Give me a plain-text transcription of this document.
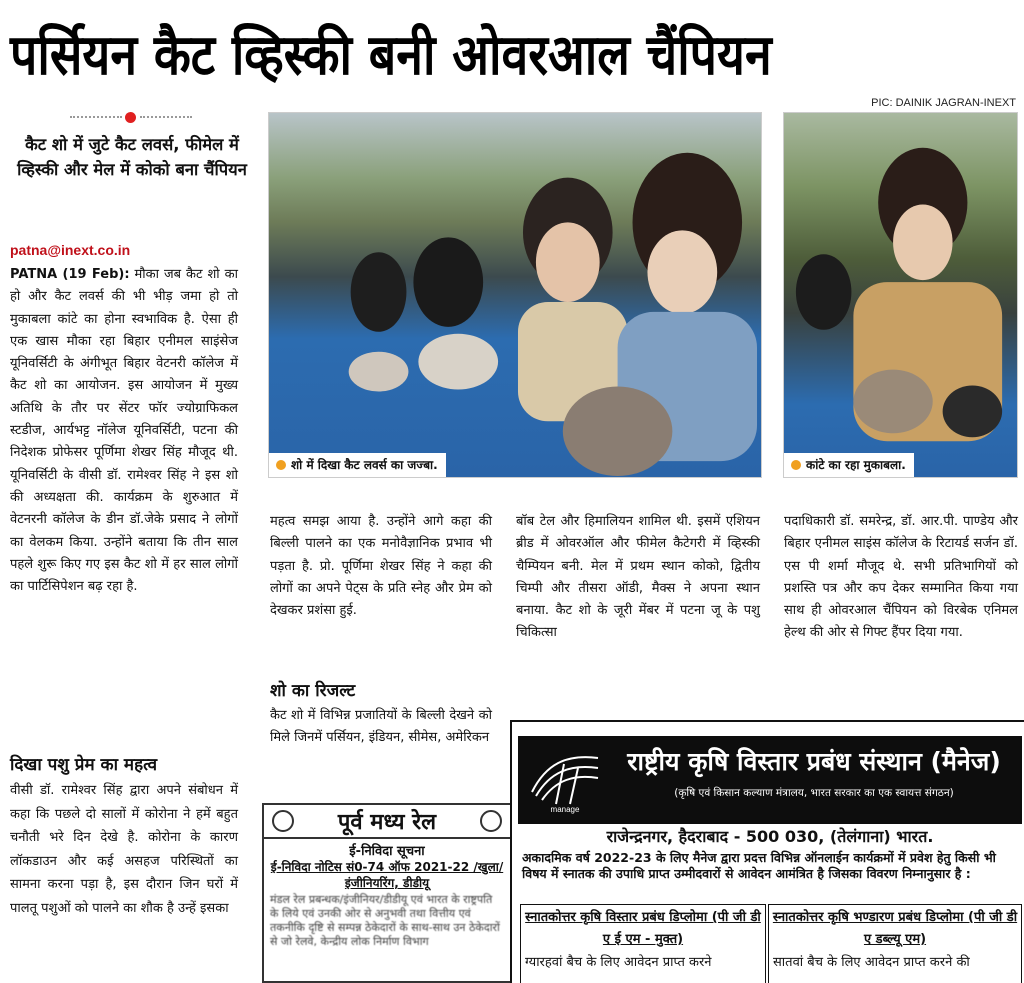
पर्सियन कैट व्हिस्की बनी ओवरआल चैंपियन
PIC: DAINIK JAGRAN-INEXT
कैट शो में जुटे कैट लवर्स, फीमेल में व्हिस्की और मेल में कोको बना चैंपियन
patna@inext.co.in
PATNA (19 Feb): मौका जब कैट शो का हो और कैट लवर्स की भी भीड़ जमा हो तो मुकाबला कांटे का होना स्वभाविक है. ऐसा ही एक खास मौका रहा बिहार एनीमल साइंसेज यूनिवर्सिटी के अंगीभूत बिहार वेटनरी कॉलेज में कैट शो का आयोजन. इस आयोजन में मुख्य अतिथि के तौर पर सेंटर फॉर ज्योग्राफिकल स्टडीज, आर्यभट्ट नॉलेज यूनिवर्सिटी, पटना की निदेशक प्रोफेसर पूर्णिमा शेखर सिंह मौजूद थी. यूनिवर्सिटी के वीसी डॉ. रामेश्वर सिंह ने इस शो की अध्यक्षता की. कार्यक्रम के शुरुआत में वेटनरनी कॉलेज के डीन डॉ.जेके प्रसाद ने लोगों का वेलकम किया. उन्होंने बताया कि तीन साल पहले शुरू किए गए इस कैट शो में हर साल लोगों का पार्टिसिपेशन बढ़ रहा है.
दिखा पशु प्रेम का महत्व
वीसी डॉ. रामेश्वर सिंह द्वारा अपने संबोधन में कहा कि पछले दो सालों में कोरोना ने हमें बहुत चनौती भरे दिन देखे है. कोरोना के कारण लॉकडाउन और कई असहज परिस्थितों का सामना करना पड़ा है, इस दौरान जिन घरों में पालतू पशुओं को पालने का शौक है उन्हें इसका
महत्व समझ आया है. उन्होंने आगे कहा की बिल्ली पालने का एक मनोवैज्ञानिक प्रभाव भी पड़ता है. प्रो. पूर्णिमा शेखर सिंह ने कहा की लोगों का अपने पेट्स के प्रति स्नेह और प्रेम को देखकर प्रशंसा हुई.
शो का रिजल्ट
कैट शो में विभिन्न प्रजातियों के बिल्ली देखने को मिले जिनमें पर्सियन, इंडियन, सीमेस, अमेरिकन
बॉब टेल और हिमालियन शामिल थी. इसमें एशियन ब्रीड में ओवरऑल और फीमेल कैटेगरी में व्हिस्की चैम्पियन बनी. मेल में प्रथम स्थान कोको, द्वितीय चिम्पी और तीसरा ऑडी, मैक्स ने अपना स्थान बनाया. कैट शो के जूरी मेंबर में पटना जू के पशु चिकित्सा
पदाधिकारी डॉ. समरेन्द्र, डॉ. आर.पी. पाण्डेय और बिहार एनीमल साइंस कॉलेज के रिटायर्ड सर्जन डॉ. एस पी शर्मा मौजूद थे. सभी प्रतिभागियों को प्रशस्ति पत्र और कप देकर सम्मानित किया गया साथ ही ओवरआल चैंपियन को विरबेक एनिमल हेल्थ की ओर से गिफ्ट हैंपर दिया गया.
शो में दिखा कैट लवर्स का जज्बा.	कांटे का रहा मुकाबला.
पूर्व मध्य रेल
ई-निविदा सूचना
ई-निविदा नोटिस सं0-74 ऑफ 2021-22 /खुला/इंजीनियरिंग, डीडीयू
मंडल रेल प्रबन्धक/इंजीनियर/डीडीयू एवं भारत के राष्ट्रपति के लिये एवं उनकी ओर से अनुभवी तथा वित्तीय एवं तकनीकि दृष्टि से सम्पन्न ठेकेदारों के साथ-साथ उन ठेकेदारों से जो रेलवे, केन्द्रीय लोक निर्माण विभाग
manage
राष्ट्रीय कृषि विस्तार प्रबंध संस्थान (मैनेज)
(कृषि एवं किसान कल्याण मंत्रालय, भारत सरकार का एक स्वायत्त संगठन)
राजेन्द्रनगर, हैदराबाद - 500 030, (तेलंगाना) भारत.
अकादमिक वर्ष 2022-23 के लिए मैनेज द्वारा प्रदत्त विभिन्न ऑनलाईन कार्यक्रमों में प्रवेश हेतु किसी भी विषय में स्नातक की उपाधि प्राप्त उम्मीदवारों से आवेदन आमंत्रित है जिसका विवरण निम्नानुसार है :
स्नातकोत्तर कृषि विस्तार प्रबंध डिप्लोमा (पी जी डी ए ई एम - मुक्त)
ग्यारहवां बैच के लिए आवेदन प्राप्त करने
स्नातकोत्तर कृषि भण्डारण प्रबंध डिप्लोमा (पी जी डी ए डब्ल्यू एम)
सातवां बैच के लिए आवेदन प्राप्त करने की
